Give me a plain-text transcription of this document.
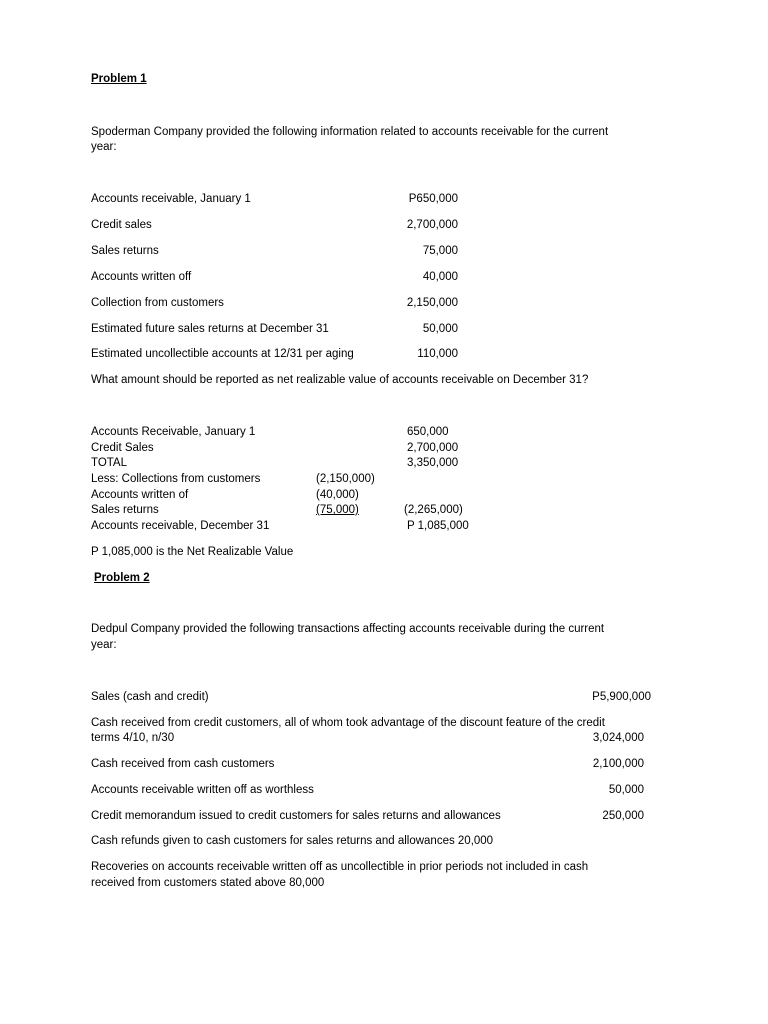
Problem 1
Spoderman Company provided the following information related to accounts receivable for the current
year:
Accounts receivable, January 1	P650,000
Credit sales	2,700,000
Sales returns	75,000
Accounts written off	40,000
Collection from customers	2,150,000
Estimated future sales returns at December 31	50,000
Estimated uncollectible accounts at 12/31 per aging	110,000
What amount should be reported as net realizable value of accounts receivable on December 31?
Accounts Receivable, January 1	650,000
Credit Sales	2,700,000
TOTAL	3,350,000
Less: Collections from customers	(2,150,000)
Accounts written of	(40,000)
Sales returns	(75,000)	(2,265,000)
Accounts receivable, December 31	P 1,085,000
P 1,085,000 is the Net Realizable Value
Problem 2
Dedpul Company provided the following transactions affecting accounts receivable during the current
year:
Sales (cash and credit)	P5,900,000
Cash received from credit customers, all of whom took advantage of the discount feature of the credit
terms 4/10, n/30	3,024,000
Cash received from cash customers	2,100,000
Accounts receivable written off as worthless	50,000
Credit memorandum issued to credit customers for sales returns and allowances	250,000
Cash refunds given to cash customers for sales returns and allowances 20,000
Recoveries on accounts receivable written off as uncollectible in prior periods not included in cash
received from customers stated above 80,000
